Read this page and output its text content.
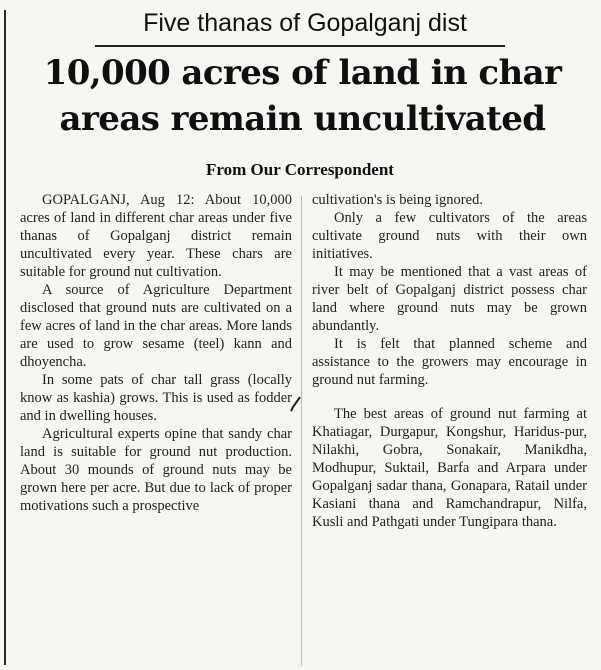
Five thanas of Gopalganj dist
10,000 acres of land in char areas remain uncultivated
From Our Correspondent

GOPALGANJ, Aug 12: About 10,000 acres of land in different char areas under five thanas of Gopalganj district remain uncultivated every year. These chars are suitable for ground nut cultivation.

A source of Agriculture Department disclosed that ground nuts are cultivated on a few acres of land in the char areas. More lands are used to grow sesame (teel) kann and dhoyencha.

In some pats of char tall grass (locally know as kashia) grows. This is used as fodder and in dwelling houses.

Agricultural experts opine that sandy char land is suitable for ground nut production. About 30 mounds of ground nuts may be grown here per acre. But due to lack of proper motivations such a prospective

cultivation's is being ignored.

Only a few cultivators of the areas cultivate ground nuts with their own initiatives.

It may be mentioned that a vast areas of river belt of Gopalganj district possess char land where ground nuts may be grown abundantly.

It is felt that planned scheme and assistance to the growers may encourage in ground nut farming.

The best areas of ground nut farming at Khatiagar, Durgapur, Kongshur, Haridus-pur, Nilakhi, Gobra, Sonakair, Manikdha, Modhupur, Suktail, Barfa and Arpara under Gopalganj sadar thana, Gonapara, Ratail under Kasiani thana and Ramchandrapur, Nilfa, Kusli and Pathgati under Tungipara thana.
